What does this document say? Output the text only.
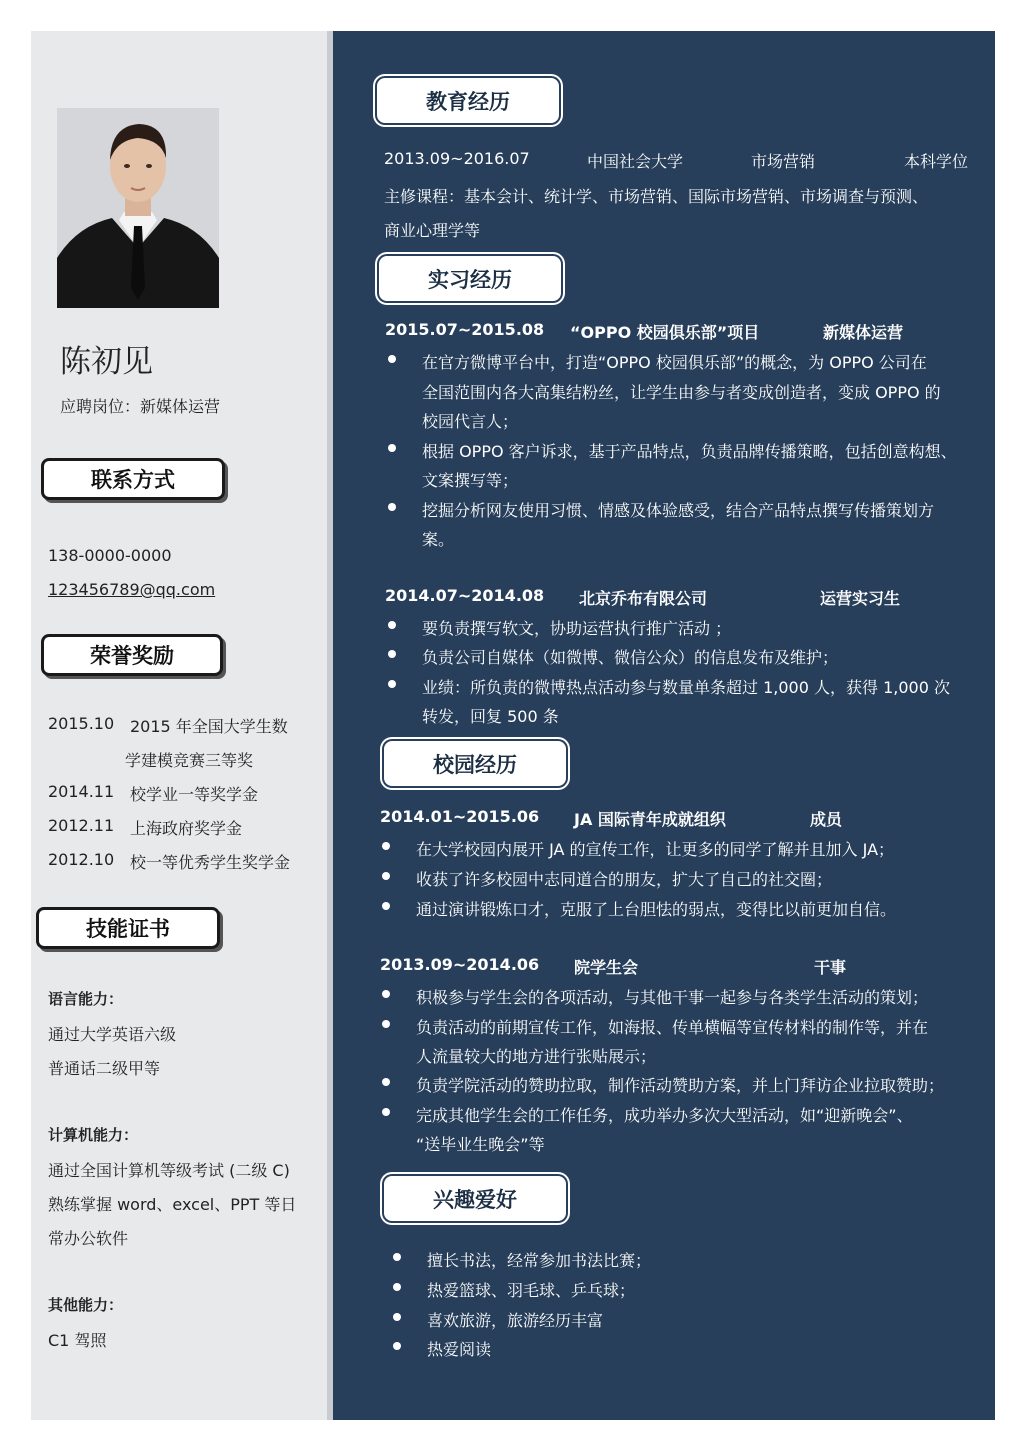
陈初见
应聘岗位：新媒体运营
联系方式
138-0000-0000
123456789@qq.com
荣誉奖励
2015.10 2015 年全国大学生数
学建模竞赛三等奖
2014.11 校学业一等奖学金
2012.11 上海政府奖学金
2012.10 校一等优秀学生奖学金
技能证书
语言能力：
通过大学英语六级
普通话二级甲等
计算机能力：
通过全国计算机等级考试 (二级 C)
熟练掌握 word、excel、PPT 等日
常办公软件
其他能力：
C1 驾照
教育经历
2013.09~2016.07	中国社会大学	市场营销	本科学位
主修课程：基本会计、统计学、市场营销、国际市场营销、市场调查与预测、
商业心理学等
实习经历
2015.07~2015.08 “OPPO 校园俱乐部”项目	新媒体运营
在官方微博平台中，打造“OPPO 校园俱乐部”的概念，为 OPPO 公司在
全国范围内各大高集结粉丝，让学生由参与者变成创造者，变成 OPPO 的
校园代言人；
根据 OPPO 客户诉求，基于产品特点，负责品牌传播策略，包括创意构想、
文案撰写等；
挖掘分析网友使用习惯、情感及体验感受，结合产品特点撰写传播策划方
案。
2014.07~2014.08 北京乔布有限公司	运营实习生
要负责撰写软文，协助运营执行推广活动 ；
负责公司自媒体（如微博、微信公众）的信息发布及维护；
业绩：所负责的微博热点活动参与数量单条超过 1,000 人，获得 1,000 次
转发，回复 500 条
校园经历
2014.01~2015.06 JA 国际青年成就组织	成员
在大学校园内展开 JA 的宣传工作，让更多的同学了解并且加入 JA；
收获了许多校园中志同道合的朋友，扩大了自己的社交圈；
通过演讲锻炼口才，克服了上台胆怯的弱点，变得比以前更加自信。
2013.09~2014.06 院学生会	干事
积极参与学生会的各项活动，与其他干事一起参与各类学生活动的策划；
负责活动的前期宣传工作，如海报、传单横幅等宣传材料的制作等，并在
人流量较大的地方进行张贴展示；
负责学院活动的赞助拉取，制作活动赞助方案，并上门拜访企业拉取赞助；
完成其他学生会的工作任务，成功举办多次大型活动，如“迎新晚会”、
“送毕业生晚会”等
兴趣爱好
擅长书法，经常参加书法比赛；
热爱篮球、羽毛球、乒乓球；
喜欢旅游，旅游经历丰富
热爱阅读
